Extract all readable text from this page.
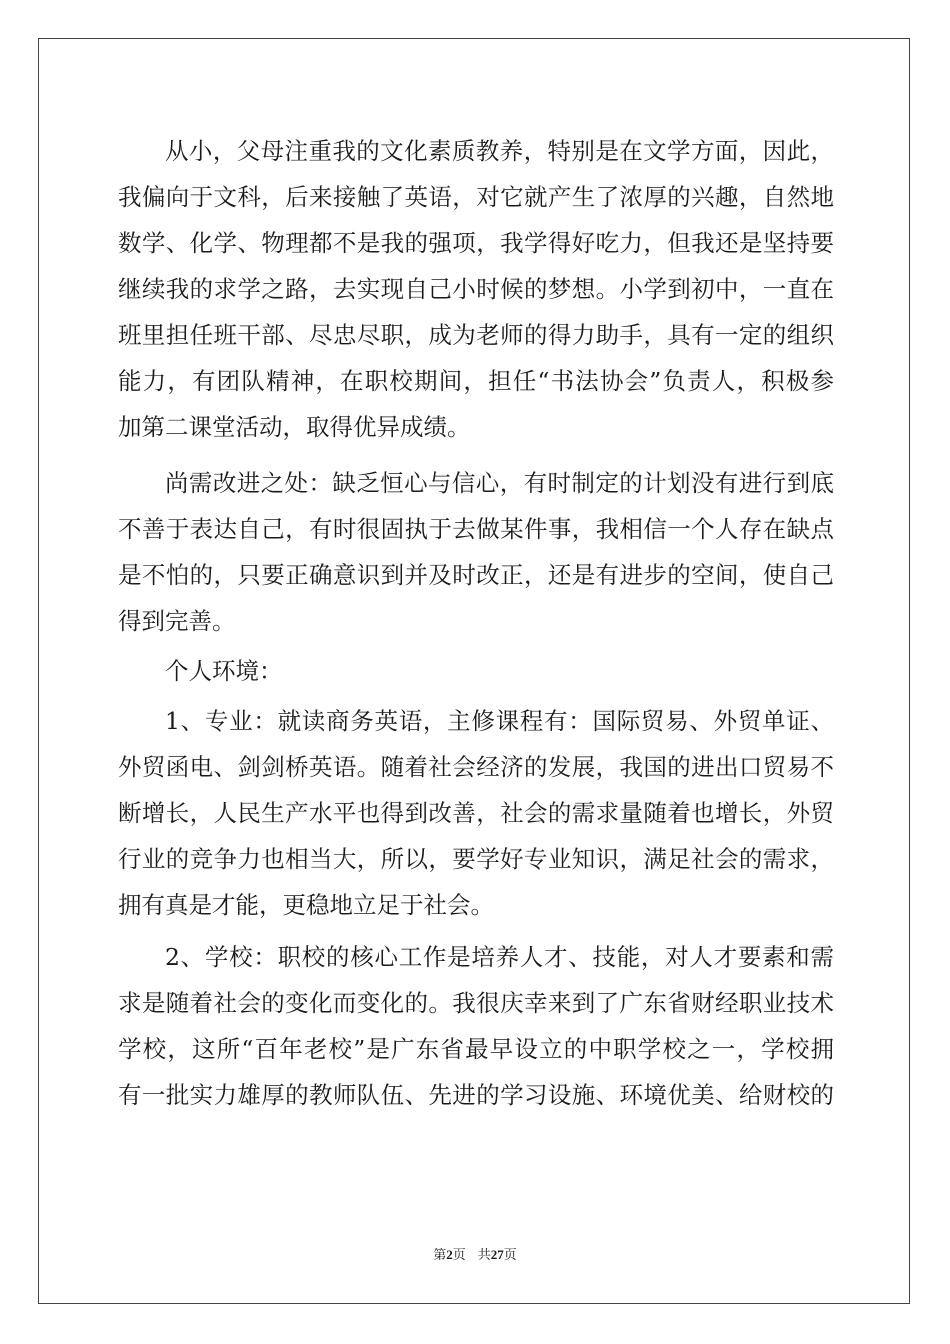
从小，父母注重我的文化素质教养，特别是在文学方面，因此，
我偏向于文科，后来接触了英语，对它就产生了浓厚的兴趣，自然地
数学、化学、物理都不是我的强项，我学得好吃力，但我还是坚持要
继续我的求学之路，去实现自己小时候的梦想。小学到初中，一直在
班里担任班干部、尽忠尽职，成为老师的得力助手，具有一定的组织
能力，有团队精神，在职校期间，担任“书法协会”负责人，积极参
加第二课堂活动，取得优异成绩。
尚需改进之处：缺乏恒心与信心，有时制定的计划没有进行到底
不善于表达自己，有时很固执于去做某件事，我相信一个人存在缺点
是不怕的，只要正确意识到并及时改正，还是有进步的空间，使自己
得到完善。
个人环境：
1、专业：就读商务英语，主修课程有：国际贸易、外贸单证、
外贸函电、剑剑桥英语。随着社会经济的发展，我国的进出口贸易不
断增长，人民生产水平也得到改善，社会的需求量随着也增长，外贸
行业的竞争力也相当大，所以，要学好专业知识，满足社会的需求，
拥有真是才能，更稳地立足于社会。
2、学校：职校的核心工作是培养人才、技能，对人才要素和需
求是随着社会的变化而变化的。我很庆幸来到了广东省财经职业技术
学校，这所“百年老校”是广东省最早设立的中职学校之一，学校拥
有一批实力雄厚的教师队伍、先进的学习设施、环境优美、给财校的
第2页 共27页
